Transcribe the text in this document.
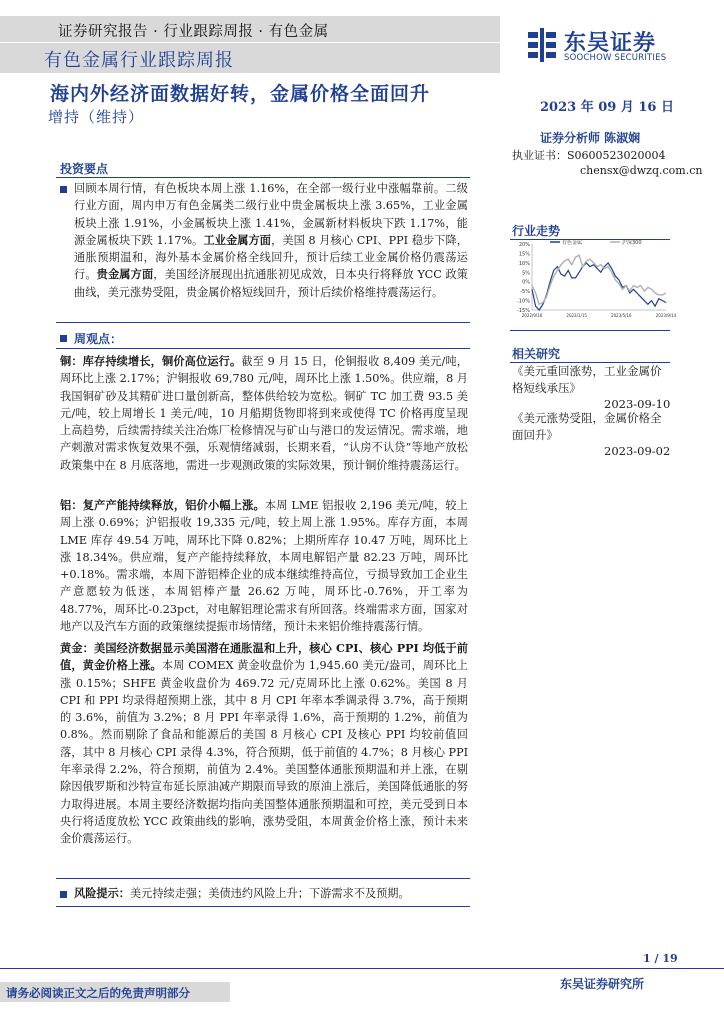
证券研究报告 · 行业跟踪周报 · 有色金属
有色金属行业跟踪周报
东吴证券
SOOCHOW SECURITIES
海内外经济面数据好转，金属价格全面回升
增持（维持）
2023 年 09 月 16 日
证券分析师 陈淑娴
执业证书：S0600523020004
chensx@dwzq.com.cn
投资要点
回顾本周行情，有色板块本周上涨 1.16%，在全部一级行业中涨幅靠前。二级行业方面，周内申万有色金属类二级行业中贵金属板块上涨 3.65%，工业金属板块上涨 1.91%，小金属板块上涨 1.41%，金属新材料板块下跌 1.17%，能源金属板块下跌 1.17%。工业金属方面，美国 8 月核心 CPI、PPI 稳步下降，通胀预期温和，海外基本金属价格全线回升，预计后续工业金属价格仍震荡运行。贵金属方面，美国经济展现出抗通胀初见成效，日本央行将释放 YCC 政策曲线，美元涨势受阻，贵金属价格短线回升，预计后续价格维持震荡运行。
周观点：
铜：库存持续增长，铜价高位运行。截至 9 月 15 日，伦铜报收 8,409 美元/吨，周环比上涨 2.17%；沪铜报收 69,780 元/吨，周环比上涨 1.50%。供应端，8 月我国铜矿砂及其精矿进口量创新高，整体供给较为宽松。铜矿 TC 加工费 93.5 美元/吨，较上周增长 1 美元/吨，10 月船期货物即将到来或使得 TC 价格再度呈现上高趋势，后续需持续关注冶炼厂检修情况与矿山与港口的发运情况。需求端，地产刺激对需求恢复效果不强，乐观情绪减弱，长期来看，“认房不认贷”等地产放松政策集中在 8 月底落地，需进一步观测政策的实际效果，预计铜价维持震荡运行。
铝：复产产能持续释放，铝价小幅上涨。本周 LME 铝报收 2,196 美元/吨，较上周上涨 0.69%；沪铝报收 19,335 元/吨，较上周上涨 1.95%。库存方面，本周 LME 库存 49.54 万吨，周环比下降 0.82%；上期所库存 10.47 万吨，周环比上涨 18.34%。供应端，复产产能持续释放，本周电解铝产量 82.23 万吨，周环比+0.18%。需求端，本周下游铝棒企业的成本继续维持高位，亏损导致加工企业生产意愿较为低迷，本周铝棒产量 26.62 万吨，周环比-0.76%，开工率为 48.77%，周环比-0.23pct，对电解铝理论需求有所回落。终端需求方面，国家对地产以及汽车方面的政策继续提振市场情绪，预计未来铝价维持震荡行情。
黄金：美国经济数据显示美国潜在通胀温和上升，核心 CPI、核心 PPI 均低于前值，黄金价格上涨。本周 COMEX 黄金收盘价为 1,945.60 美元/盎司，周环比上涨 0.15%；SHFE 黄金收盘价为 469.72 元/克周环比上涨 0.62%。美国 8 月 CPI 和 PPI 均录得超预期上涨，其中 8 月 CPI 年率本季调录得 3.7%，高于预期的 3.6%，前值为 3.2%；8 月 PPI 年率录得 1.6%，高于预期的 1.2%，前值为 0.8%。然而剔除了食品和能源后的美国 8 月核心 CPI 及核心 PPI 均较前值回落，其中 8 月核心 CPI 录得 4.3%，符合预期，低于前值的 4.7%；8 月核心 PPI 年率录得 2.2%，符合预期，前值为 2.4%。美国整体通胀预期温和并上涨，在剔除因俄罗斯和沙特宣布延长原油减产期限而导致的原油上涨后，美国降低通胀的努力取得进展。本周主要经济数据均指向美国整体通胀预期温和可控，美元受到日本央行将适度放松 YCC 政策曲线的影响，涨势受阻，本周黄金价格上涨，预计未来金价震荡运行。
风险提示：美元持续走强；美债违约风险上升；下游需求不及预期。
行业走势
20%
15%
10%
5%
0%
-5%
-10%
-15%
2022/9/16	2023/1/15	2023/5/16	2023/9/14
有色金属	沪深300
相关研究
《美元重回涨势，工业金属价格短线承压》
2023-09-10
《美元涨势受阻，金属价格全面回升》
2023-09-02
1 / 19
请务必阅读正文之后的免责声明部分
东吴证券研究所
